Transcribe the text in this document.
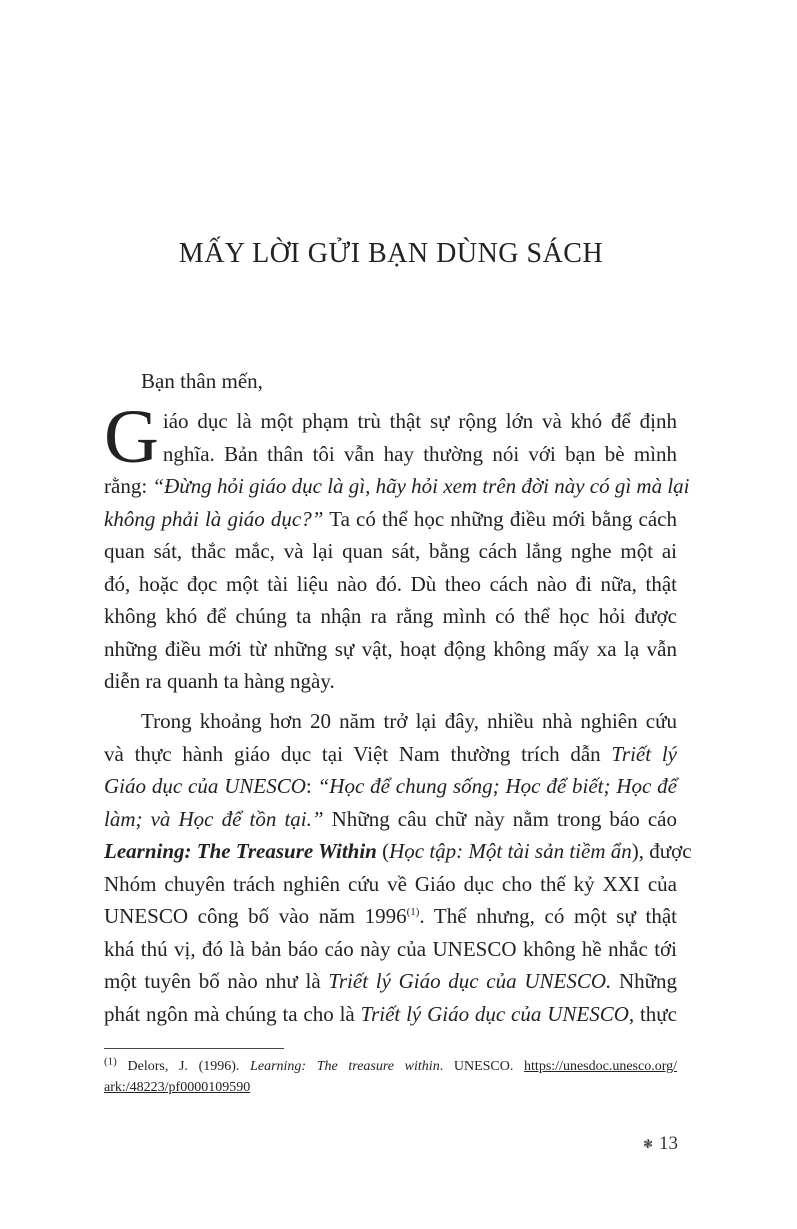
MẤY LỜI GỬI BẠN DÙNG SÁCH
Bạn thân mến,
G iáo dục là một phạm trù thật sự rộng lớn và khó để định
nghĩa. Bản thân tôi vẫn hay thường nói với bạn bè mình
rằng: “Đừng hỏi giáo dục là gì, hãy hỏi xem trên đời này có gì mà lại
không phải là giáo dục?” Ta có thể học những điều mới bằng cách
quan sát, thắc mắc, và lại quan sát, bằng cách lắng nghe một ai
đó, hoặc đọc một tài liệu nào đó. Dù theo cách nào đi nữa, thật
không khó để chúng ta nhận ra rằng mình có thể học hỏi được
những điều mới từ những sự vật, hoạt động không mấy xa lạ vẫn
diễn ra quanh ta hàng ngày.
Trong khoảng hơn 20 năm trở lại đây, nhiều nhà nghiên cứu
và thực hành giáo dục tại Việt Nam thường trích dẫn Triết lý
Giáo dục của UNESCO: “Học để chung sống; Học để biết; Học để
làm; và Học để tồn tại.” Những câu chữ này nằm trong báo cáo
Learning: The Treasure Within (Học tập: Một tài sản tiềm ẩn), được
Nhóm chuyên trách nghiên cứu về Giáo dục cho thế kỷ XXI của
UNESCO công bố vào năm 1996$^{(1)}$. Thế nhưng, có một sự thật
khá thú vị, đó là bản báo cáo này của UNESCO không hề nhắc tới
một tuyên bố nào như là Triết lý Giáo dục của UNESCO. Những
phát ngôn mà chúng ta cho là Triết lý Giáo dục của UNESCO, thực
$^{(1)}$ Delors, J. (1996). Learning: The treasure within. UNESCO. https://unesdoc.unesco.org/
ark:/48223/pf0000109590
❃ 13
